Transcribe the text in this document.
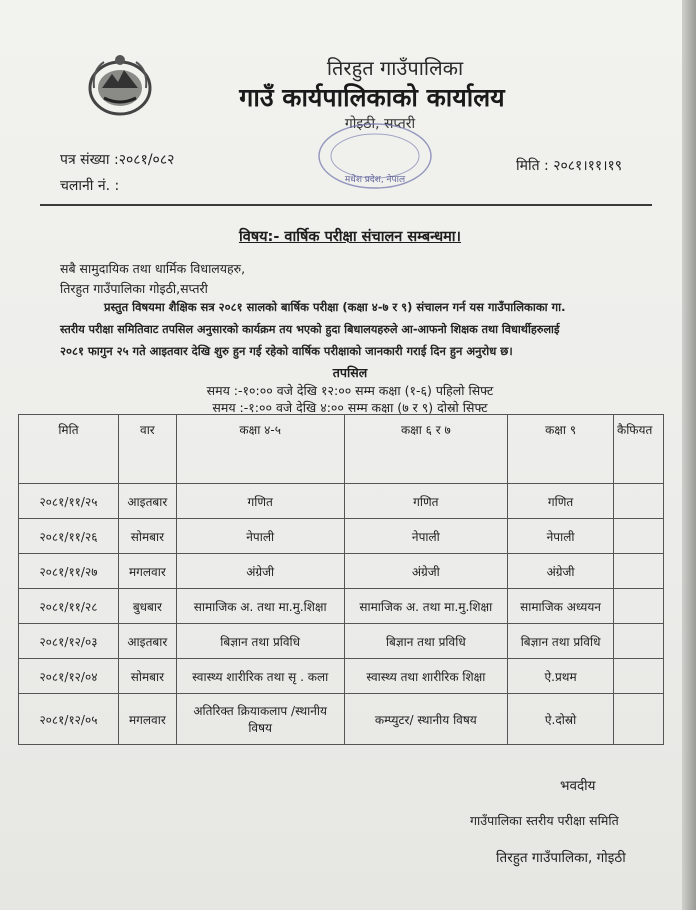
तिरहुत गाउँपालिका
गाउँ कार्यपालिकाको कार्यालय
गोइठी, सप्तरी
मधेश प्रदेश, नेपाल
पत्र संख्या :२०८१/०८२
चलानी नं. :
मिति : २०८१।११।१९
विषय:- वार्षिक परीक्षा संचालन सम्बन्धमा।
सबै सामुदायिक तथा धार्मिक विधालयहरु,
तिरहुत गाउँपालिका गोइठी,सप्तरी
प्रस्तुत विषयमा शैक्षिक सत्र २०८१ सालको बार्षिक परीक्षा (कक्षा ४-७ र ९) संचालन गर्न यस गाउँपालिकाका गा.
स्तरीय परीक्षा समितिवाट तपसिल अनुसारको कार्यक्रम तय भएको हुदा बिधालयहरुले आ-आफनो शिक्षक तथा विधार्थीहरुलाई
२०८१ फागुन २५ गते आइतवार देखि शुरु हुन गई रहेको वार्षिक परीक्षाको जानकारी गराई दिन हुन अनुरोध छ।
तपसिल
समय :-१०:०० वजे देखि १२:०० सम्म कक्षा (१-६) पहिलो सिफ्ट
समय :-१:०० वजे देखि ४:०० सम्म कक्षा (७ र ९) दोस्रो सिफ्ट
मिति	वार	कक्षा ४-५	कक्षा ६ र ७	कक्षा ९	कैफियत
२०८१/११/२५	आइतबार	गणित	गणित	गणित	
२०८१/११/२६	सोमबार	नेपाली	नेपाली	नेपाली	
२०८१/११/२७	मगलवार	अंग्रेजी	अंग्रेजी	अंग्रेजी	
२०८१/११/२८	बुधबार	सामाजिक अ. तथा मा.मु.शिक्षा	सामाजिक अ. तथा मा.मु.शिक्षा	सामाजिक अध्ययन	
२०८१/१२/०३	आइतबार	बिज्ञान तथा प्रविधि	बिज्ञान तथा प्रविधि	बिज्ञान तथा प्रविधि	
२०८१/१२/०४	सोमबार	स्वास्थ्य शारीरिक तथा सृ . कला	स्वास्थ्य तथा शारीरिक शिक्षा	ऐ.प्रथम	
२०८१/१२/०५	मगलवार	अतिरिक्त क्रियाकलाप /स्थानीय विषय	कम्प्युटर/ स्थानीय विषय	ऐ.दोस्रो	
भवदीय
गाउँपालिका स्तरीय परीक्षा समिति
तिरहुत गाउँपालिका, गोइठी
